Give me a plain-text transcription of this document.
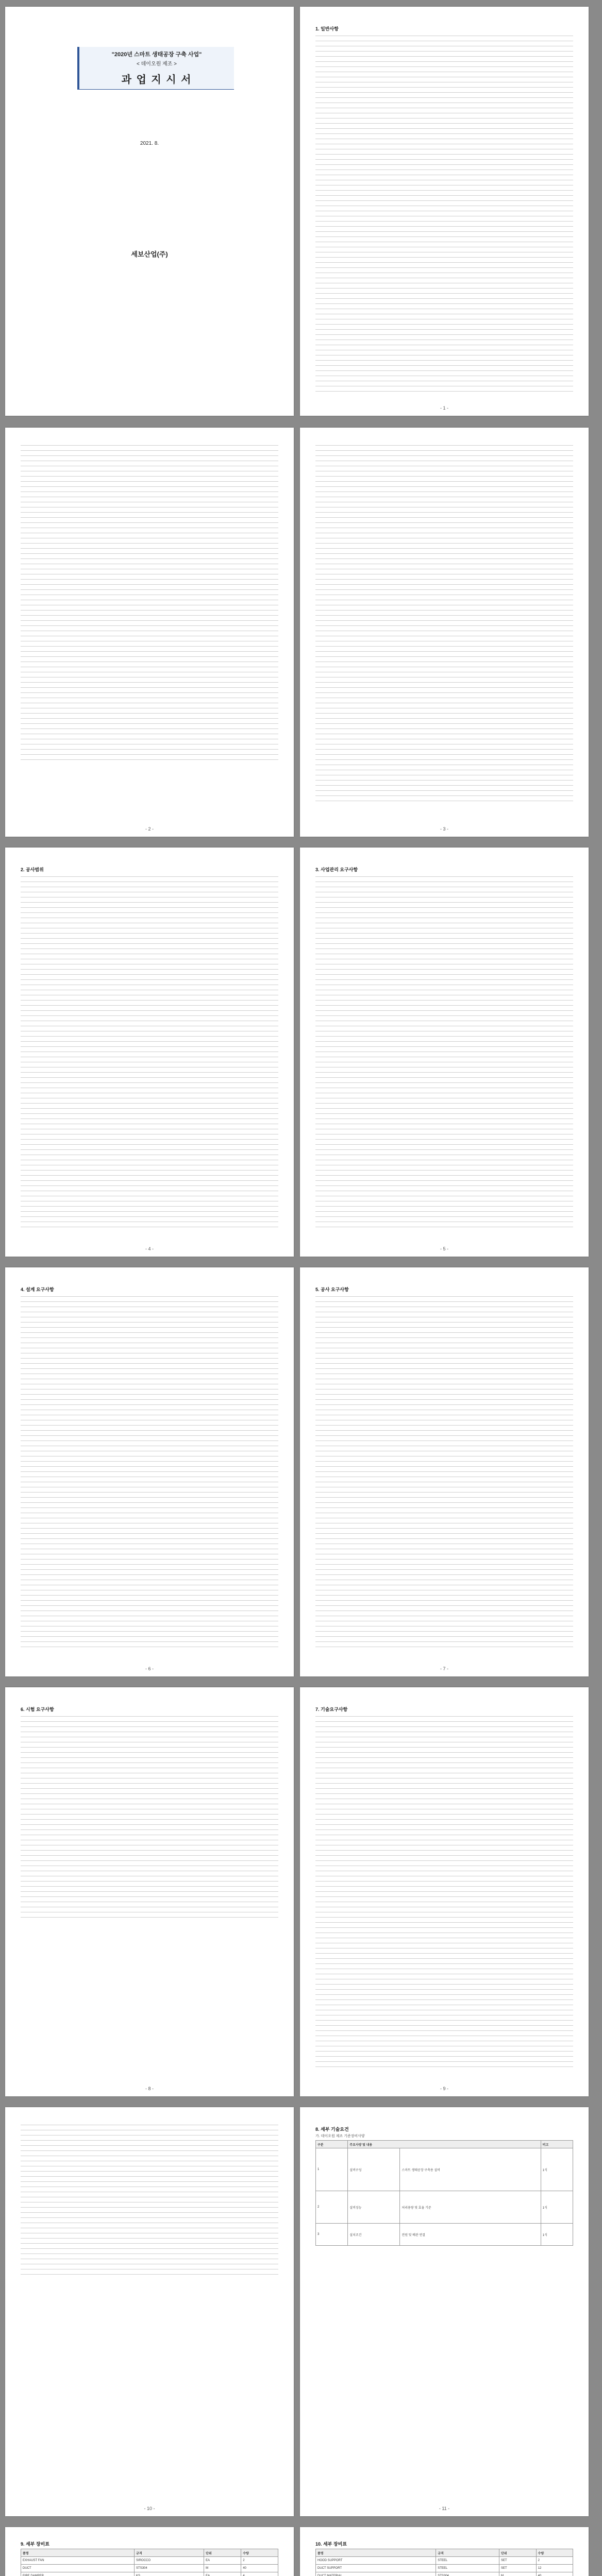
"2020년 스마트 생태공장 구축 사업"
< 데이오원 제조 >
과 업 지 시 서
2021. 8.
세보산업(주)
1. 일반사항
- 1 -
- 2 -	- 3 -
2. 공사범위
- 4 -
3. 사업관리 요구사항
- 5 -
4. 설계 요구사항
- 6 -
5. 공사 요구사항
- 7 -
6. 시험 요구사항
- 8 -
7. 기술요구사항
- 9 -
- 10 -
8. 세부 기술요건
가. 데이오원 제조 기준장비사양
구분	주요사양 및 내용		비고
1	설비구성	스마트 생태공장 구축용 설비	1식
2	설비성능	처리용량 및 효율 기준	1식
3	설치조건	전원 및 배관 연결	1식
- 11 -
9. 세부 장비표
품명	규격	단위	수량
EXHAUST FAN	SIROCCO	EA	2
DUCT	STS304	M	40
FIRE DAMPER	KS	EA	4

10. 세부 장비표
품명	규격	단위	수량
HOOD SUPPORT	STEEL	SET	2
DUCT SUPPORT	STEEL	SET	12
DUCT MATERIAL	STS304	M	40
